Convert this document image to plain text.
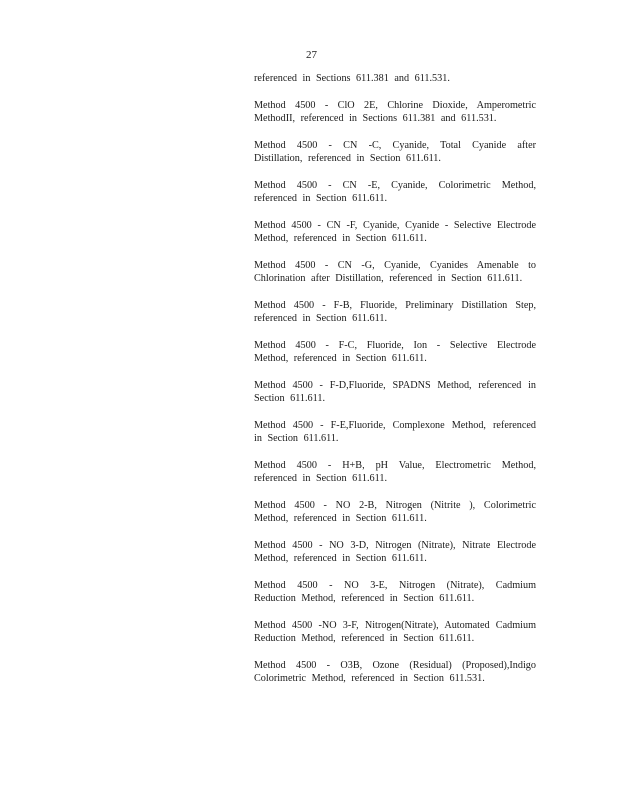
27

referenced in Sections 611.381 and 611.531.

Method 4500 - ClO 2E, Chlorine Dioxide, Amperometric MethodII, referenced in Sections 611.381 and 611.531.

Method 4500 - CN -C, Cyanide, Total Cyanide after Distillation, referenced in Section 611.611.

Method 4500 - CN -E, Cyanide, Colorimetric Method, referenced in Section 611.611.

Method 4500 - CN -F, Cyanide, Cyanide - Selective Electrode Method, referenced in Section 611.611.

Method 4500 - CN -G, Cyanide, Cyanides Amenable to Chlorination after Distillation, referenced in Section 611.611.

Method 4500 - F-B, Fluoride, Preliminary Distillation Step, referenced in Section 611.611.

Method 4500 - F-C, Fluoride, Ion - Selective Electrode Method, referenced in Section 611.611.

Method 4500 - F-D,Fluoride, SPADNS Method, referenced in Section 611.611.

Method 4500 - F-E,Fluoride, Complexone Method, referenced in Section 611.611.

Method 4500 - H+B, pH Value, Electrometric Method, referenced in Section 611.611.

Method 4500 - NO 2-B, Nitrogen (Nitrite ), Colorimetric Method, referenced in Section 611.611.

Method 4500 - NO 3-D, Nitrogen (Nitrate), Nitrate Electrode Method, referenced in Section 611.611.

Method 4500 - NO 3-E, Nitrogen (Nitrate), Cadmium Reduction Method, referenced in Section 611.611.

Method 4500 -NO 3-F, Nitrogen(Nitrate), Automated Cadmium Reduction Method, referenced in Section 611.611.

Method 4500 - O3B, Ozone (Residual) (Proposed),Indigo Colorimetric Method, referenced in Section 611.531.
